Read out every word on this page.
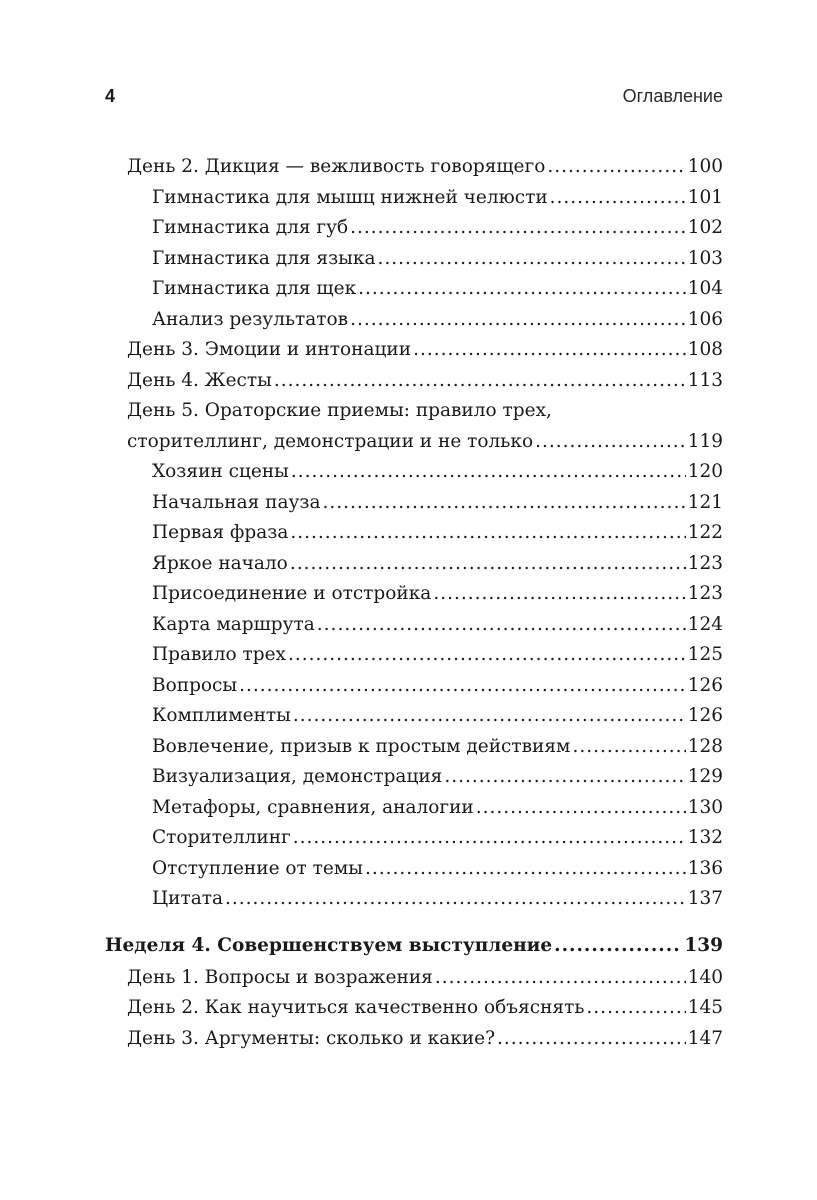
4	Оглавление
День 2. Дикция — вежливость говорящего .....	100
Гимнастика для мышц нижней челюсти .....	101
Гимнастика для губ .....	102
Гимнастика для языка .....	103
Гимнастика для щек .....	104
Анализ результатов .....	106
День 3. Эмоции и интонации .....	108
День 4. Жесты .....	113
День 5. Ораторские приемы: правило трех,
сторителлинг, демонстрации и не только .....	119
Хозяин сцены .....	120
Начальная пауза .....	121
Первая фраза .....	122
Яркое начало .....	123
Присоединение и отстройка .....	123
Карта маршрута .....	124
Правило трех .....	125
Вопросы .....	126
Комплименты .....	126
Вовлечение, призыв к простым действиям .....	128
Визуализация, демонстрация .....	129
Метафоры, сравнения, аналогии .....	130
Сторителлинг .....	132
Отступление от темы .....	136
Цитата .....	137
Неделя 4. Совершенствуем выступление .....	139
День 1. Вопросы и возражения .....	140
День 2. Как научиться качественно объяснять .....	145
День 3. Аргументы: сколько и какие? .....	147
